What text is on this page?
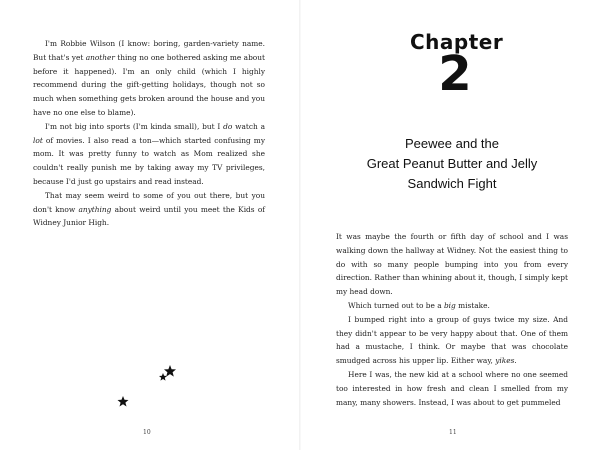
I'm Robbie Wilson (I know: boring, garden-variety name. But that's yet another thing no one bothered asking me about before it happened). I'm an only child (which I highly recommend during the gift-getting holidays, though not so much when something gets broken around the house and you have no one else to blame).

I'm not big into sports (I'm kinda small), but I do watch a lot of movies. I also read a ton—which started confusing my mom. It was pretty funny to watch as Mom realized she couldn't really punish me by taking away my TV privileges, because I'd just go upstairs and read instead.

That may seem weird to some of you out there, but you don't know anything about weird until you meet the Kids of Widney Junior High.

10
Chapter
2
Peewee and the
Great Peanut Butter and Jelly
Sandwich Fight

It was maybe the fourth or fifth day of school and I was walking down the hallway at Widney. Not the easiest thing to do with so many people bumping into you from every direction. Rather than whining about it, though, I simply kept my head down.

Which turned out to be a big mistake.

I bumped right into a group of guys twice my size. And they didn't appear to be very happy about that. One of them had a mustache, I think. Or maybe that was chocolate smudged across his upper lip. Either way, yikes.

Here I was, the new kid at a school where no one seemed too interested in how fresh and clean I smelled from my many, many showers. Instead, I was about to get pummeled

11
